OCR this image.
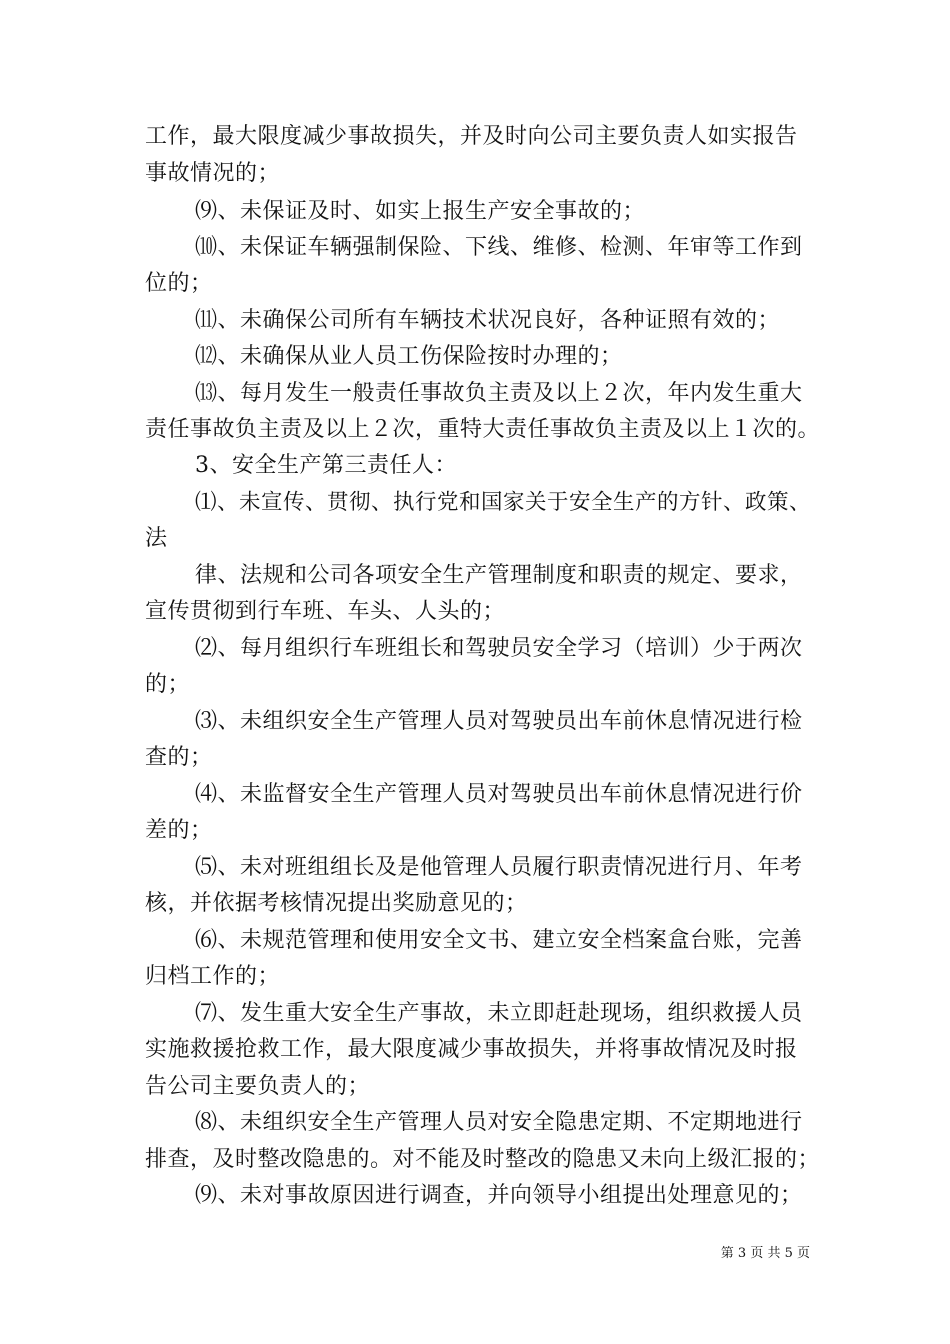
工作，最大限度减少事故损失，并及时向公司主要负责人如实报告
事故情况的；
⑼、未保证及时、如实上报生产安全事故的；
⑽、未保证车辆强制保险、下线、维修、检测、年审等工作到
位的；
⑾、未确保公司所有车辆技术状况良好，各种证照有效的；
⑿、未确保从业人员工伤保险按时办理的；
⒀、每月发生一般责任事故负主责及以上２次，年内发生重大
责任事故负主责及以上２次，重特大责任事故负主责及以上１次的。
3、安全生产第三责任人：
⑴、未宣传、贯彻、执行党和国家关于安全生产的方针、政策、
法
律、法规和公司各项安全生产管理制度和职责的规定、要求，
宣传贯彻到行车班、车头、人头的；
⑵、每月组织行车班组长和驾驶员安全学习（培训）少于两次
的；
⑶、未组织安全生产管理人员对驾驶员出车前休息情况进行检
查的；
⑷、未监督安全生产管理人员对驾驶员出车前休息情况进行价
差的；
⑸、未对班组组长及是他管理人员履行职责情况进行月、年考
核，并依据考核情况提出奖励意见的；
⑹、未规范管理和使用安全文书、建立安全档案盒台账，完善
归档工作的；
⑺、发生重大安全生产事故，未立即赶赴现场，组织救援人员
实施救援抢救工作，最大限度减少事故损失，并将事故情况及时报
告公司主要负责人的；
⑻、未组织安全生产管理人员对安全隐患定期、不定期地进行
排查，及时整改隐患的。对不能及时整改的隐患又未向上级汇报的；
⑼、未对事故原因进行调查，并向领导小组提出处理意见的；
第 3 页 共 5 页
